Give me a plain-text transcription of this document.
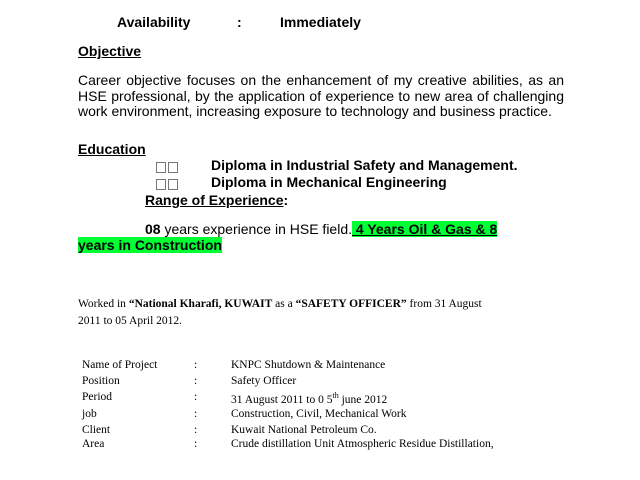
Availability	:	Immediately
Objective
Career objective focuses on the enhancement of my creative abilities, as an HSE professional, by the application of experience to new area of challenging work environment, increasing exposure to technology and business practice.
Education
Diploma in Industrial Safety and Management.
Diploma in Mechanical Engineering
Range of Experience:
08 years experience in HSE field. 4 Years Oil & Gas & 8
years in Construction
Worked in “National Kharafi, KUWAIT as a “SAFETY OFFICER” from 31 August
2011 to 05 April 2012.
Name of Project	:	KNPC Shutdown & Maintenance
Position	:	Safety Officer
Period	:	31 August 2011 to 0 5th june 2012
job	:	Construction, Civil, Mechanical Work
Client	:	Kuwait National Petroleum Co.
Area	:	Crude distillation Unit Atmospheric Residue Distillation,
